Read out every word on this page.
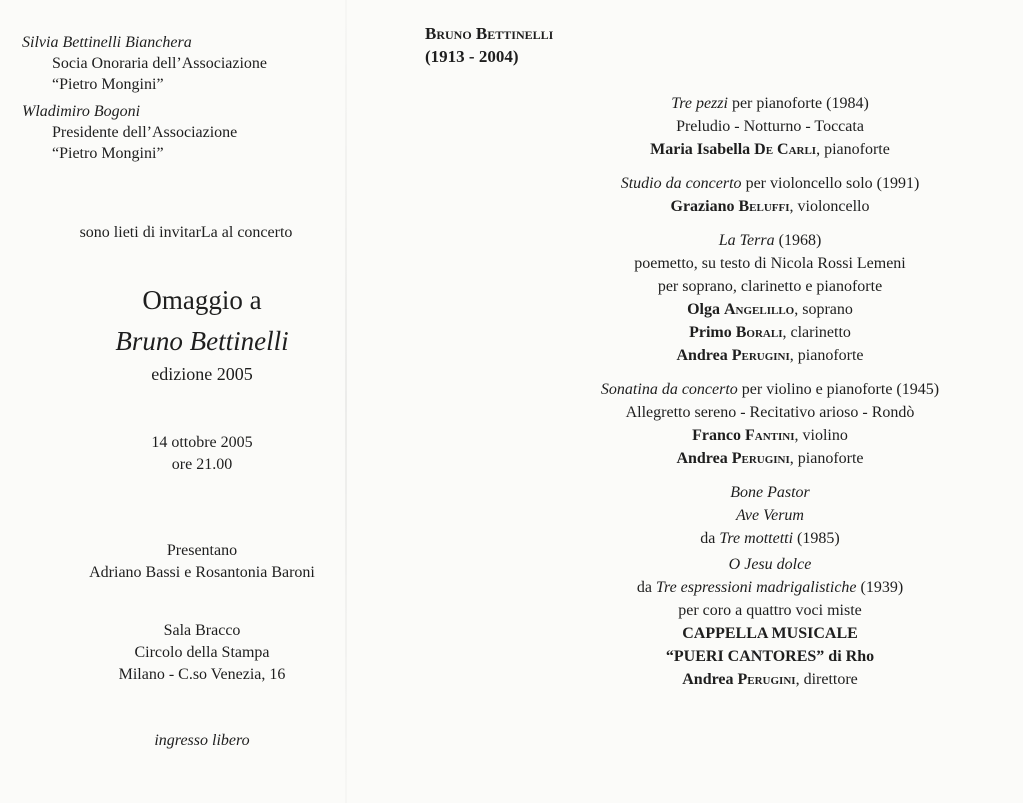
Silvia Bettinelli Bianchera
Socia Onoraria dell’Associazione
“Pietro Mongini”
Wladimiro Bogoni
Presidente dell’Associazione
“Pietro Mongini”
sono lieti di invitarLa al concerto
Omaggio a
Bruno Bettinelli
edizione 2005
14 ottobre 2005
ore 21.00
Presentano
Adriano Bassi e Rosantonia Baroni
Sala Bracco
Circolo della Stampa
Milano - C.so Venezia, 16
ingresso libero
Bruno Bettinelli
(1913 - 2004)
Tre pezzi per pianoforte (1984)
Preludio - Notturno - Toccata
Maria Isabella De Carli, pianoforte
Studio da concerto per violoncello solo (1991)
Graziano Beluffi, violoncello
La Terra (1968)
poemetto, su testo di Nicola Rossi Lemeni
per soprano, clarinetto e pianoforte
Olga Angelillo, soprano
Primo Borali, clarinetto
Andrea Perugini, pianoforte
Sonatina da concerto per violino e pianoforte (1945)
Allegretto sereno - Recitativo arioso - Rondò
Franco Fantini, violino
Andrea Perugini, pianoforte
Bone Pastor
Ave Verum
da Tre mottetti (1985)
O Jesu dolce
da Tre espressioni madrigalistiche (1939)
per coro a quattro voci miste
CAPPELLA MUSICALE
“PUERI CANTORES” di Rho
Andrea Perugini, direttore
